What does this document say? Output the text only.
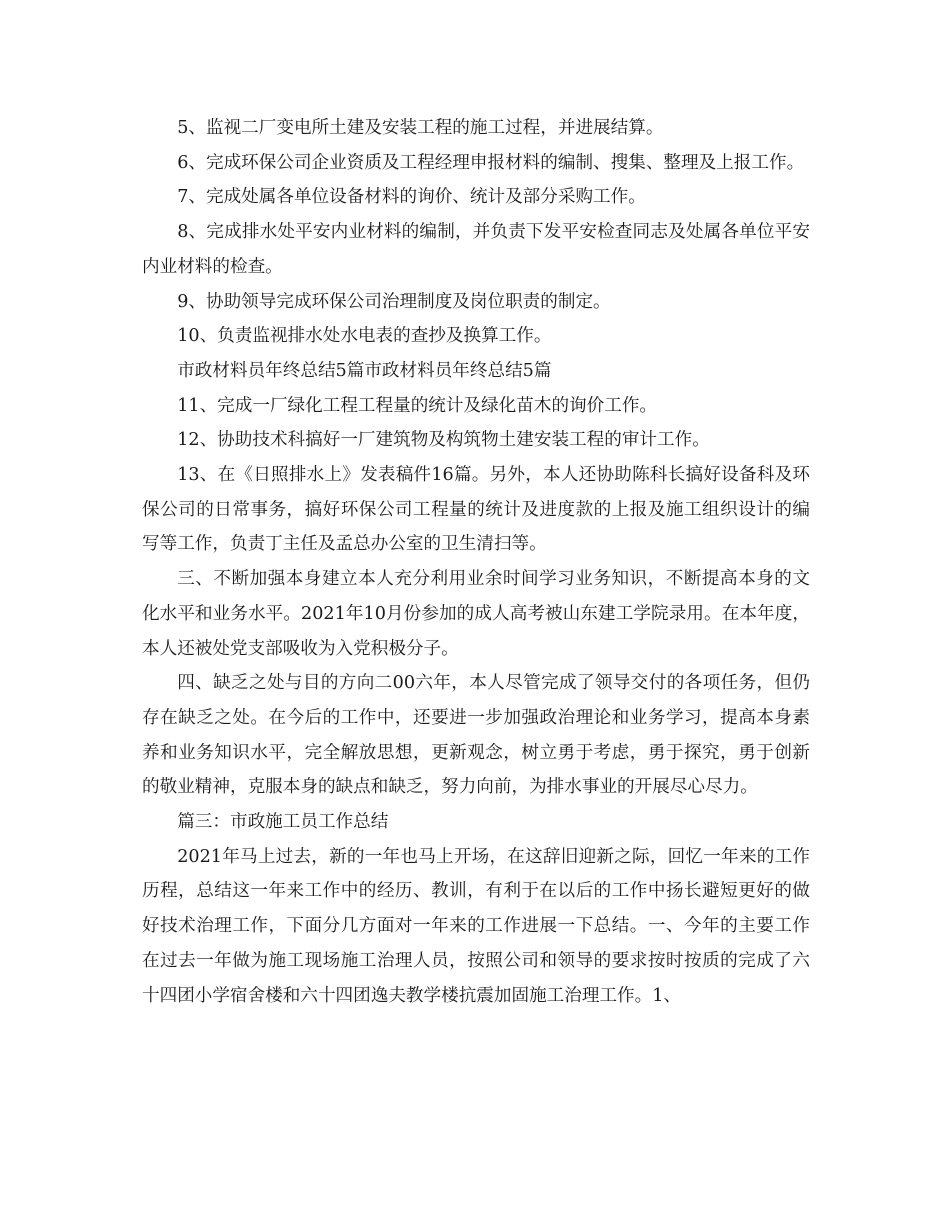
5、监视二厂变电所土建及安装工程的施工过程，并进展结算。

6、完成环保公司企业资质及工程经理申报材料的编制、搜集、整理及上报工作。

7、完成处属各单位设备材料的询价、统计及部分采购工作。

8、完成排水处平安内业材料的编制，并负责下发平安检查同志及处属各单位平安内业材料的检查。

9、协助领导完成环保公司治理制度及岗位职责的制定。

10、负责监视排水处水电表的查抄及换算工作。

市政材料员年终总结5篇市政材料员年终总结5篇

11、完成一厂绿化工程工程量的统计及绿化苗木的询价工作。

12、协助技术科搞好一厂建筑物及构筑物土建安装工程的审计工作。

13、在《日照排水上》发表稿件16篇。另外，本人还协助陈科长搞好设备科及环保公司的日常事务，搞好环保公司工程量的统计及进度款的上报及施工组织设计的编写等工作，负责丁主任及孟总办公室的卫生清扫等。

三、不断加强本身建立本人充分利用业余时间学习业务知识，不断提高本身的文化水平和业务水平。2021年10月份参加的成人高考被山东建工学院录用。在本年度，本人还被处党支部吸收为入党积极分子。

四、缺乏之处与目的方向二00六年，本人尽管完成了领导交付的各项任务，但仍存在缺乏之处。在今后的工作中，还要进一步加强政治理论和业务学习，提高本身素养和业务知识水平，完全解放思想，更新观念，树立勇于考虑，勇于探究，勇于创新的敬业精神，克服本身的缺点和缺乏，努力向前，为排水事业的开展尽心尽力。

篇三：市政施工员工作总结

2021年马上过去，新的一年也马上开场，在这辞旧迎新之际，回忆一年来的工作历程，总结这一年来工作中的经历、教训，有利于在以后的工作中扬长避短更好的做好技术治理工作，下面分几方面对一年来的工作进展一下总结。一、今年的主要工作在过去一年做为施工现场施工治理人员，按照公司和领导的要求按时按质的完成了六十四团小学宿舍楼和六十四团逸夫教学楼抗震加固施工治理工作。1、
